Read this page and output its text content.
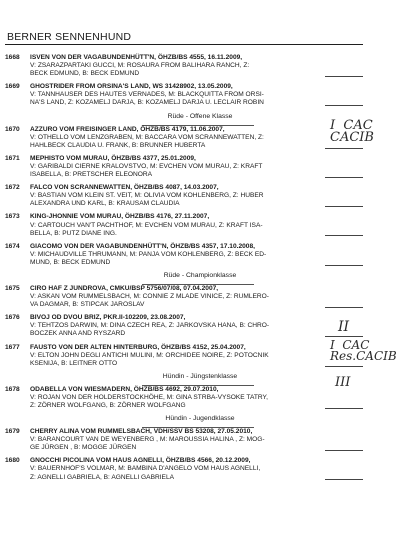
BERNER SENNENHUND
1668 ISVEN VON DER VAGABUNDENHÜTT'N, ÖHZB/BS 4555, 16.11.2009,
V: ZSARAZPARTAKI GUCCI, M: ROSAURA FROM BALIHARA RANCH, Z:
BECK EDMUND, B: BECK EDMUND
1669 GHOSTRIDER FROM ORSINA'S LAND, WS 31428902, 13.05.2009,
V: TANNHAUSER DES HAUTES VERNADES, M: BLACKQUITTA FROM ORSI-
NA'S LAND, Z: KOZAMELJ DARJA, B: KOZAMELJ DARJA U. LECLAIR ROBIN
Rüde - Offene Klasse
1670 AZZURO VOM FREISINGER LAND, ÖHZB/BS 4179, 11.06.2007,
V: OTHELLO VOM LENZGRABEN, M: BACCARA VOM SCRANNEWATTEN, Z:
HAHLBECK CLAUDIA U. FRANK, B: BRUNNER HUBERTA
1671 MEPHISTO VOM MURAU, ÖHZB/BS 4377, 25.01.2009,
V: GARIBALDI CIERNE KRALOVSTVO, M: EVCHEN VOM MURAU, Z: KRAFT
ISABELLA, B: PRETSCHER ELEONORA
1672 FALCO VON SCRANNEWATTEN, ÖHZB/BS 4087, 14.03.2007,
V: BASTIAN VOM KLEIN ST. VEIT, M: OLIVIA VOM KOHLENBERG, Z: HUBER
ALEXANDRA UND KARL, B: KRAUSAM CLAUDIA
1673 KING-JHONNIE VOM MURAU, ÖHZB/BS 4176, 27.11.2007,
V: CARTOUCH VAN'T PACHTHOF, M: EVCHEN VOM MURAU, Z: KRAFT ISA-
BELLA, B: PUTZ DIANE ING.
1674 GIACOMO VON DER VAGABUNDENHÜTT'N, ÖHZB/BS 4357, 17.10.2008,
V: MICHAUDVILLE THRUMANN, M: PANJA VOM KOHLENBERG, Z: BECK ED-
MUND, B: BECK EDMUND
Rüde - Championklasse
1675 CIRO HAF Z JUNDROVA, CMKU/BSP 5756/07/08, 07.04.2007,
V: ASKAN VOM RUMMELSBACH, M: CONNIE Z MLADE VINICE, Z: RUMLERO-
VA DAGMAR, B: STIPCAK JAROSLAV
1676 BIVOJ OD DVOU BRIZ, PKR.II-102209, 23.08.2007,
V: TEHTZOS DARWIN, M: DINA CZECH REA, Z: JARKOVSKA HANA, B: CHRO-
BOCZEK ANNA AND RYSZARD
1677 FAUSTO VON DER ALTEN HINTERBURG, ÖHZB/BS 4152, 25.04.2007,
V: ELTON JOHN DEGLI ANTICHI MULINI, M: ORCHIDEE NOIRE, Z: POTOCNIK
KSENIJA, B: LEITNER OTTO
Hündin - Jüngstenklasse
1678 ODABELLA VON WIESMADERN, ÖHZB/BS 4692, 29.07.2010,
V: ROJAN VON DER HOLDERSTOCKHÖHE, M: GINA STRBA-VYSOKE TATRY,
Z: ZÖRNER WOLFGANG, B: ZÖRNER WOLFGANG
Hündin - Jugendklasse
1679 CHERRY ALINA VOM RUMMELSBACH, VDH/SSV BS 53208, 27.05.2010,
V: BARANCOURT VAN DE WEYENBERG , M: MAROUSSIA HALINA , Z: MOG-
GE JÜRGEN , B: MOGGE JÜRGEN
1680 GNOCCHI PICOLINA VOM HAUS AGNELLI, ÖHZB/BS 4566, 20.12.2009,
V: BAUERNHOF'S VOLMAR, M: BAMBINA D'ANGELO VOM HAUS AGNELLI,
Z: AGNELLI GABRIELA, B: AGNELLI GABRIELA
I  CAC
CACIB
II
I  CAC
Res.CACIB
III
